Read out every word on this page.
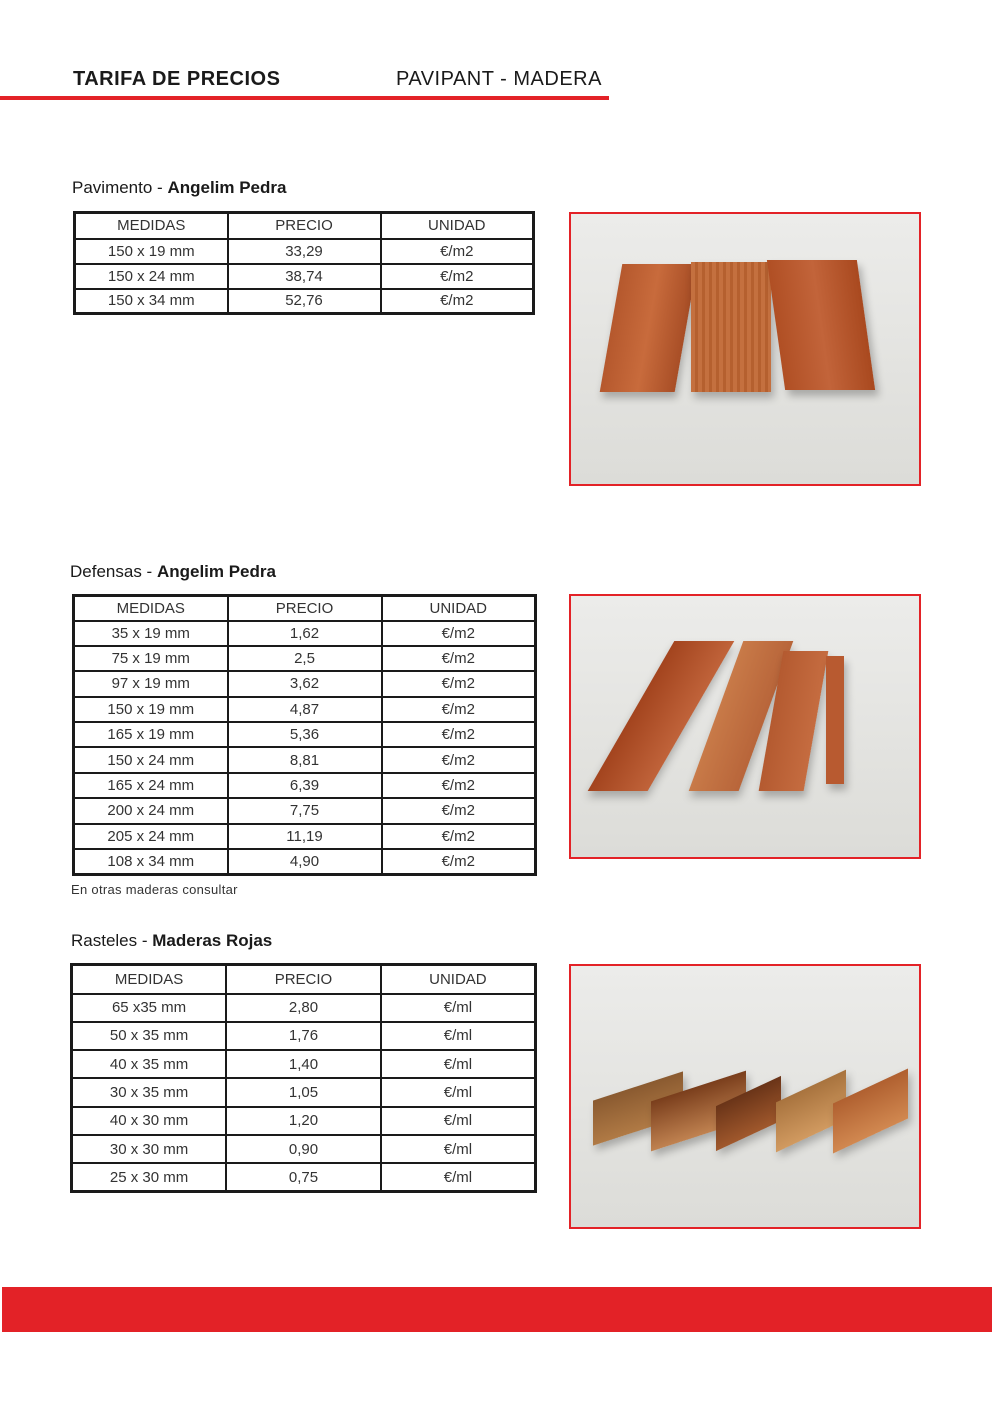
TARIFA DE PRECIOS	PAVIPANT - MADERA
Pavimento - Angelim Pedra
MEDIDAS	PRECIO	UNIDAD
150 x 19 mm	33,29	€/m2
150 x 24 mm	38,74	€/m2
150 x 34 mm	52,76	€/m2
Defensas - Angelim Pedra
MEDIDAS	PRECIO	UNIDAD
35 x 19 mm	1,62	€/m2
75 x 19 mm	2,5	€/m2
97 x 19 mm	3,62	€/m2
150 x 19 mm	4,87	€/m2
165 x 19 mm	5,36	€/m2
150 x 24 mm	8,81	€/m2
165 x 24 mm	6,39	€/m2
200 x 24 mm	7,75	€/m2
205 x 24 mm	11,19	€/m2
108 x 34 mm	4,90	€/m2
En otras maderas consultar
Rasteles - Maderas Rojas
MEDIDAS	PRECIO	UNIDAD
65 x35 mm	2,80	€/ml
50 x 35 mm	1,76	€/ml
40 x 35 mm	1,40	€/ml
30 x 35 mm	1,05	€/ml
40 x 30 mm	1,20	€/ml
30 x 30 mm	0,90	€/ml
25 x 30 mm	0,75	€/ml
